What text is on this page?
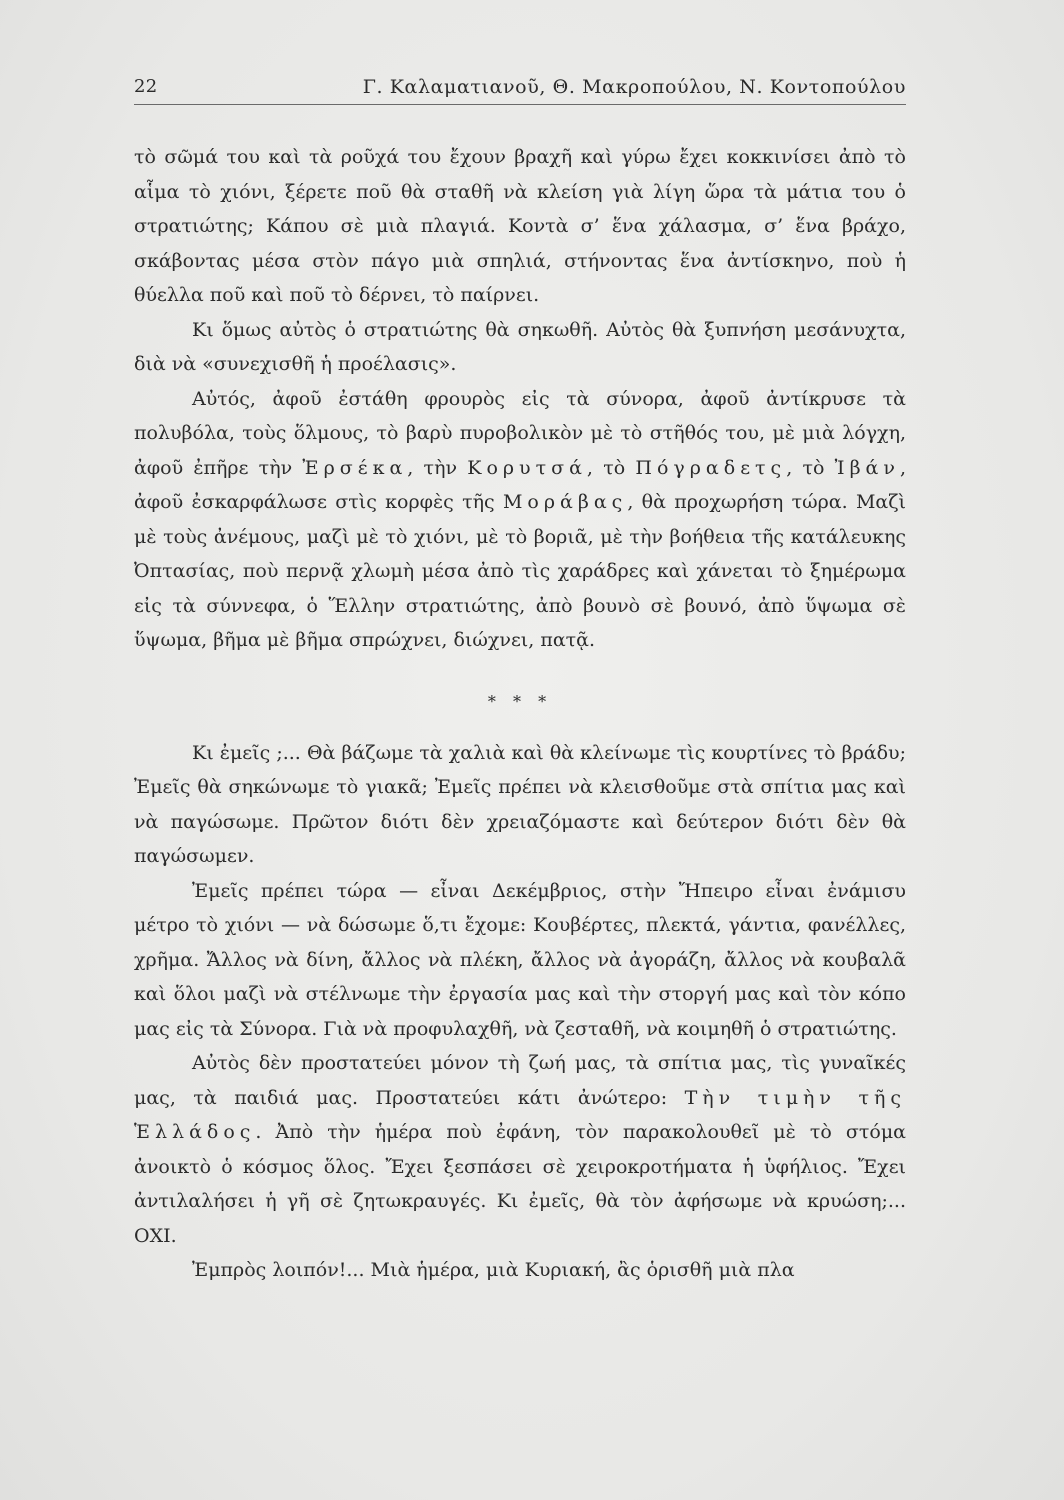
22	Γ. Καλαματιανοῦ, Θ. Μακροπούλου, Ν. Κοντοπούλου

τὸ σῶμά του καὶ τὰ ροῦχά του ἔχουν βραχῆ καὶ γύρω ἔχει κοκκινίσει ἀπὸ τὸ αἷμα τὸ χιόνι, ξέρετε ποῦ θὰ σταθῆ νὰ κλείση γιὰ λίγη ὥρα τὰ μάτια του ὁ στρατιώτης; Κάπου σὲ μιὰ πλαγιά. Κοντὰ σ’ ἕνα χάλασμα, σ’ ἕνα βράχο, σκάβοντας μέσα στὸν πάγο μιὰ σπηλιά, στήνοντας ἕνα ἀντίσκηνο, ποὺ ἡ θύελλα ποῦ καὶ ποῦ τὸ δέρνει, τὸ παίρνει.

Κι ὅμως αὐτὸς ὁ στρατιώτης θὰ σηκωθῆ. Αὐτὸς θὰ ξυπνήση μεσάνυχτα, διὰ νὰ «συνεχισθῆ ἡ προέλασις».

Αὐτός, ἀφοῦ ἐστάθη φρουρὸς εἰς τὰ σύνορα, ἀφοῦ ἀντίκρυσε τὰ πολυβόλα, τοὺς ὅλμους, τὸ βαρὺ πυροβολικὸν μὲ τὸ στῆθός του, μὲ μιὰ λόγχη, ἀφοῦ ἐπῆρε τὴν Ἐρσέκα, τὴν Κορυτσά, τὸ Πόγραδετς, τὸ Ἰβάν, ἀφοῦ ἐσκαρφάλωσε στὶς κορφὲς τῆς Μοράβας, θὰ προχωρήση τώρα. Μαζὶ μὲ τοὺς ἀνέμους, μαζὶ μὲ τὸ χιόνι, μὲ τὸ βοριᾶ, μὲ τὴν βοήθεια τῆς κατάλευκης Ὀπτασίας, ποὺ περνᾷ χλωμὴ μέσα ἀπὸ τὶς χαράδρες καὶ χάνεται τὸ ξημέρωμα εἰς τὰ σύννεφα, ὁ Ἕλλην στρατιώτης, ἀπὸ βουνὸ σὲ βουνό, ἀπὸ ὕψωμα σὲ ὕψωμα, βῆμα μὲ βῆμα σπρώχνει, διώχνει, πατᾷ.

* * *

Κι ἐμεῖς ;... Θὰ βάζωμε τὰ χαλιὰ καὶ θὰ κλείνωμε τὶς κουρτίνες τὸ βράδυ; Ἐμεῖς θὰ σηκώνωμε τὸ γιακᾶ; Ἐμεῖς πρέπει νὰ κλεισθοῦμε στὰ σπίτια μας καὶ νὰ παγώσωμε. Πρῶτον διότι δὲν χρειαζόμαστε καὶ δεύτερον διότι δὲν θὰ παγώσωμεν.

Ἐμεῖς πρέπει τώρα — εἶναι Δεκέμβριος, στὴν Ἤπειρο εἶναι ἐνάμισυ μέτρο τὸ χιόνι — νὰ δώσωμε ὅ,τι ἔχομε: Κουβέρτες, πλεκτά, γάντια, φανέλλες, χρῆμα. Ἄλλος νὰ δίνη, ἄλλος νὰ πλέκη, ἄλλος νὰ ἀγοράζη, ἄλλος νὰ κουβαλᾶ καὶ ὅλοι μαζὶ νὰ στέλνωμε τὴν ἐργασία μας καὶ τὴν στοργή μας καὶ τὸν κόπο μας εἰς τὰ Σύνορα. Γιὰ νὰ προφυλαχθῆ, νὰ ζεσταθῆ, νὰ κοιμηθῆ ὁ στρατιώτης.

Αὐτὸς δὲν προστατεύει μόνον τὴ ζωή μας, τὰ σπίτια μας, τὶς γυναῖκές μας, τὰ παιδιά μας. Προστατεύει κάτι ἀνώτερο: Τὴν τιμὴν τῆς Ἑλλάδος. Ἀπὸ τὴν ἡμέρα ποὺ ἐφάνη, τὸν παρακολουθεῖ μὲ τὸ στόμα ἀνοικτὸ ὁ κόσμος ὅλος. Ἔχει ξεσπάσει σὲ χειροκροτήματα ἡ ὑφήλιος. Ἔχει ἀντιλαλήσει ἡ γῆ σὲ ζητωκραυγές. Κι ἐμεῖς, θὰ τὸν ἀφήσωμε νὰ κρυώση;... ΟΧΙ.

Ἐμπρὸς λοιπόν!... Μιὰ ἡμέρα, μιὰ Κυριακή, ἂς ὁρισθῆ μιὰ πλα
